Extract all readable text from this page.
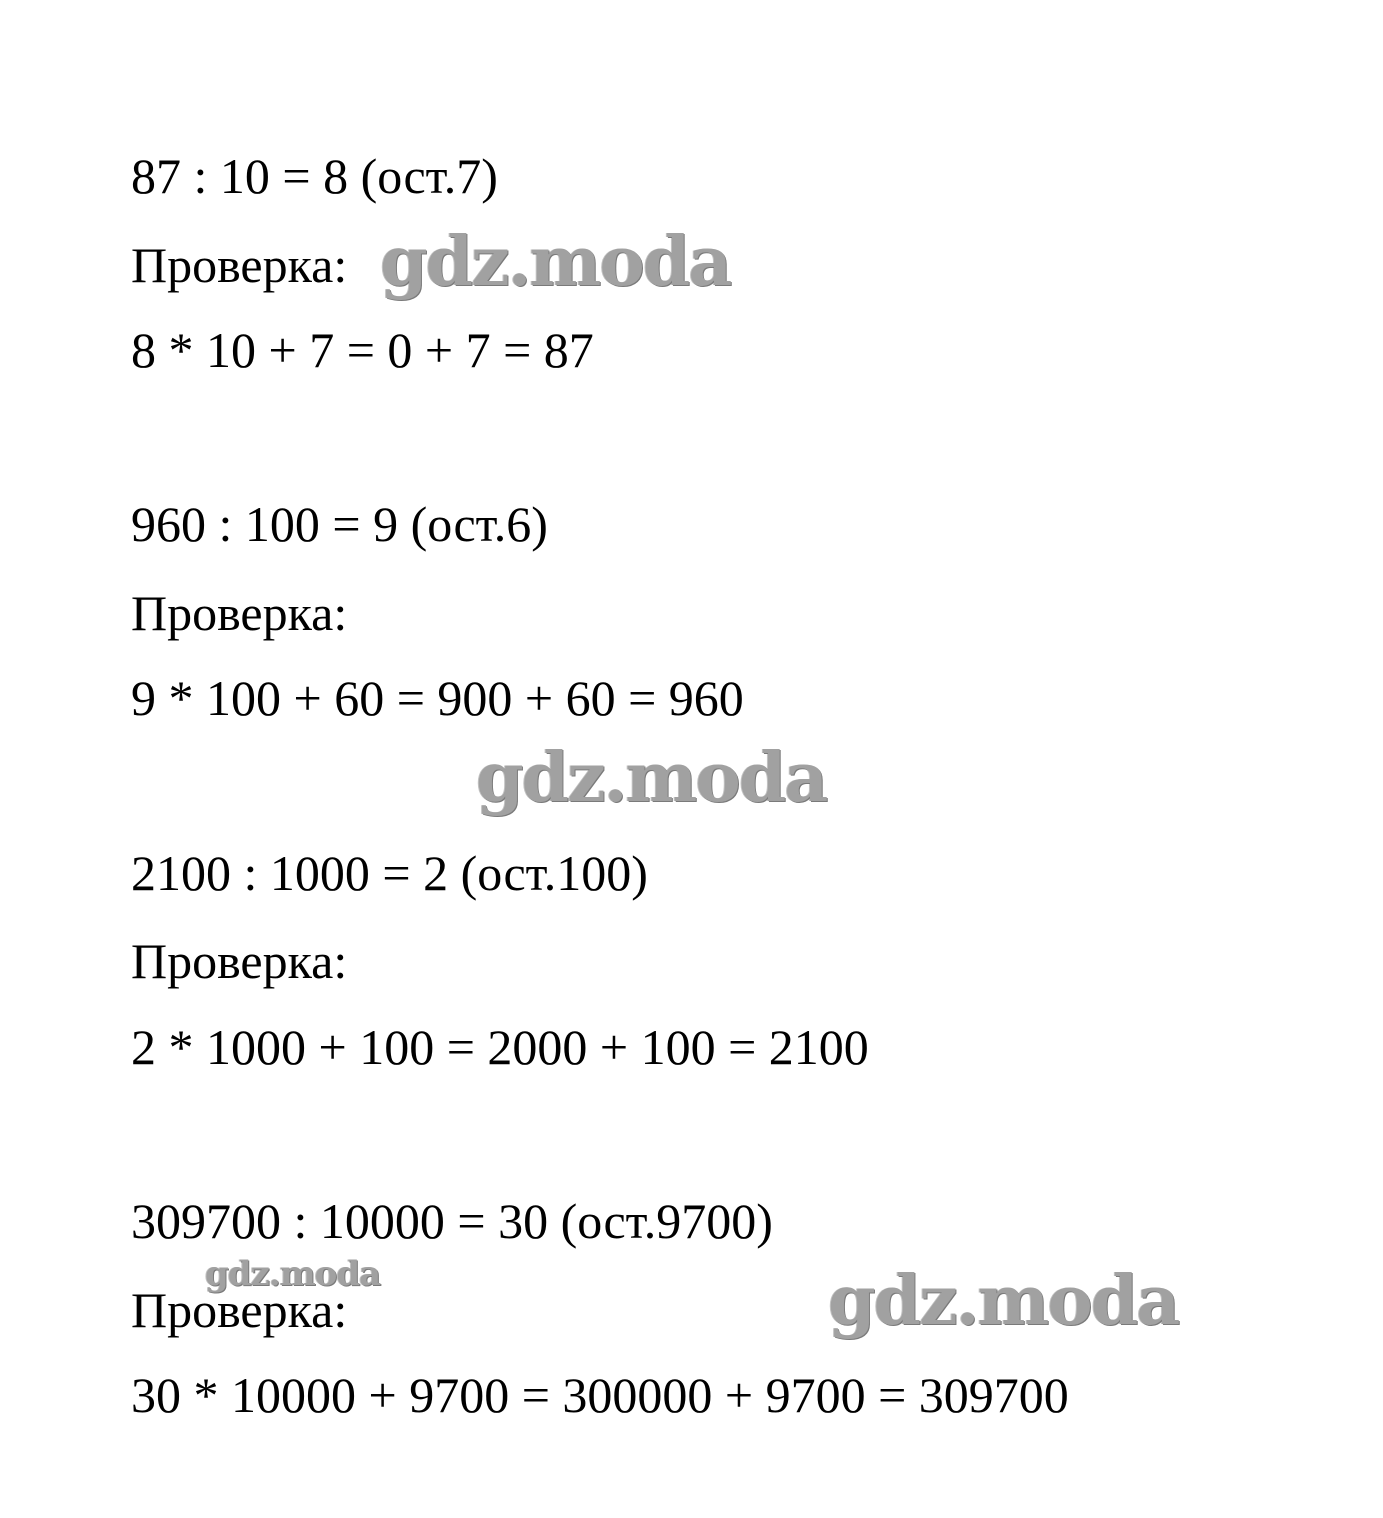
87 : 10 = 8 (ост.7)
Проверка:
8 * 10 + 7 = 0 + 7 = 87
960 : 100 = 9 (ост.6)
Проверка:
9 * 100 + 60 = 900 + 60 = 960
2100 : 1000 = 2 (ост.100)
Проверка:
2 * 1000 + 100 = 2000 + 100 = 2100
309700 : 10000 = 30 (ост.9700)
Проверка:
30 * 10000 + 9700 = 300000 + 9700 = 309700
gdz.moda
gdz.moda
gdz.moda	gdz.moda
